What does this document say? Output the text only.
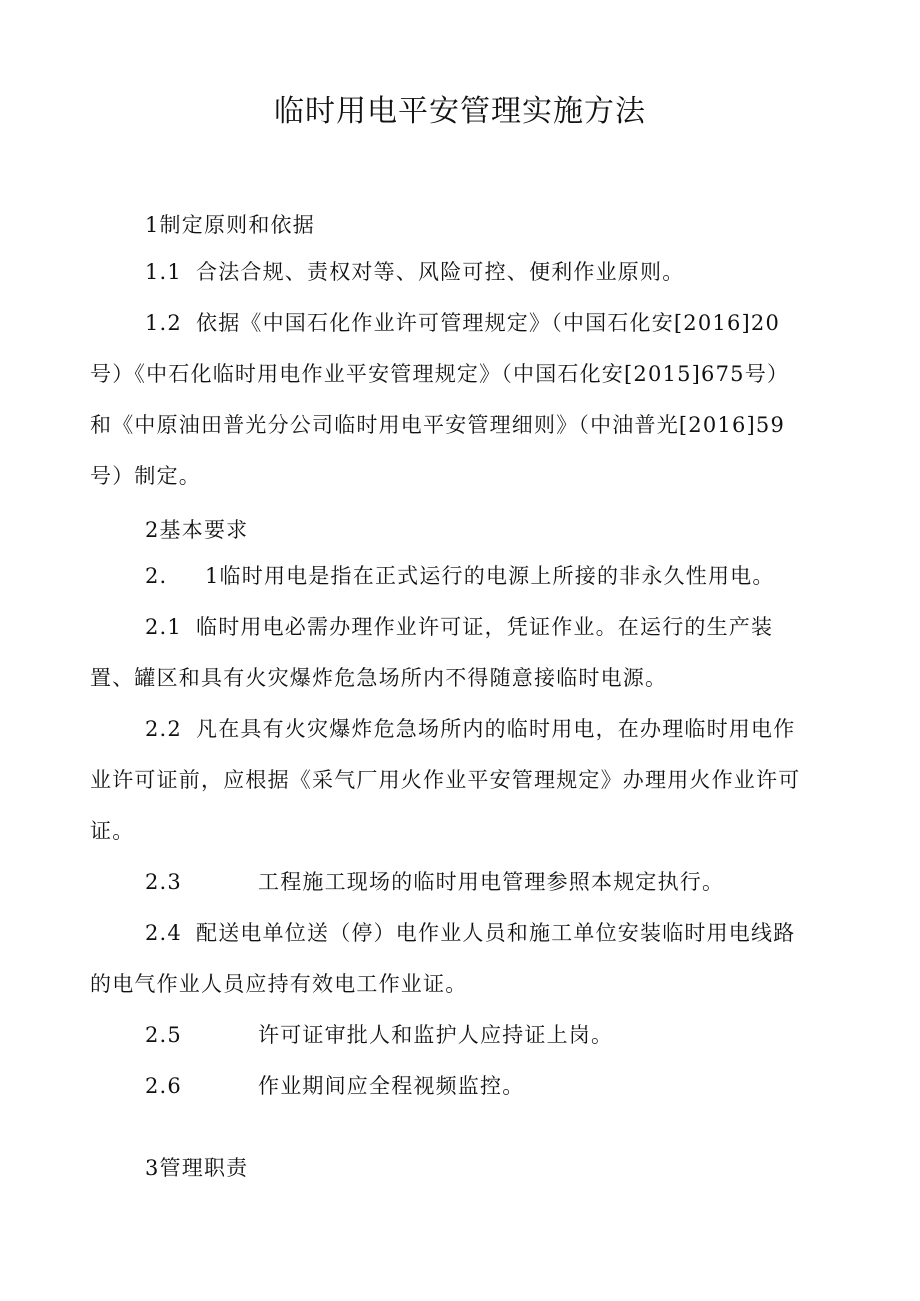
临时用电平安管理实施方法
1制定原则和依据
1.1 合法合规、责权对等、风险可控、便利作业原则。
1.2 依据《中国石化作业许可管理规定》（中国石化安[2016]20
号）《中石化临时用电作业平安管理规定》（中国石化安[2015]675号）
和《中原油田普光分公司临时用电平安管理细则》（中油普光[2016]59
号）制定。
2基本要求
2. 1临时用电是指在正式运行的电源上所接的非永久性用电。
2.1 临时用电必需办理作业许可证，凭证作业。在运行的生产装
置、罐区和具有火灾爆炸危急场所内不得随意接临时电源。
2.2 凡在具有火灾爆炸危急场所内的临时用电，在办理临时用电作
业许可证前，应根据《采气厂用火作业平安管理规定》办理用火作业许可
证。
2.3	工程施工现场的临时用电管理参照本规定执行。
2.4 配送电单位送（停）电作业人员和施工单位安装临时用电线路
的电气作业人员应持有效电工作业证。
2.5	许可证审批人和监护人应持证上岗。
2.6	作业期间应全程视频监控。
3管理职责
